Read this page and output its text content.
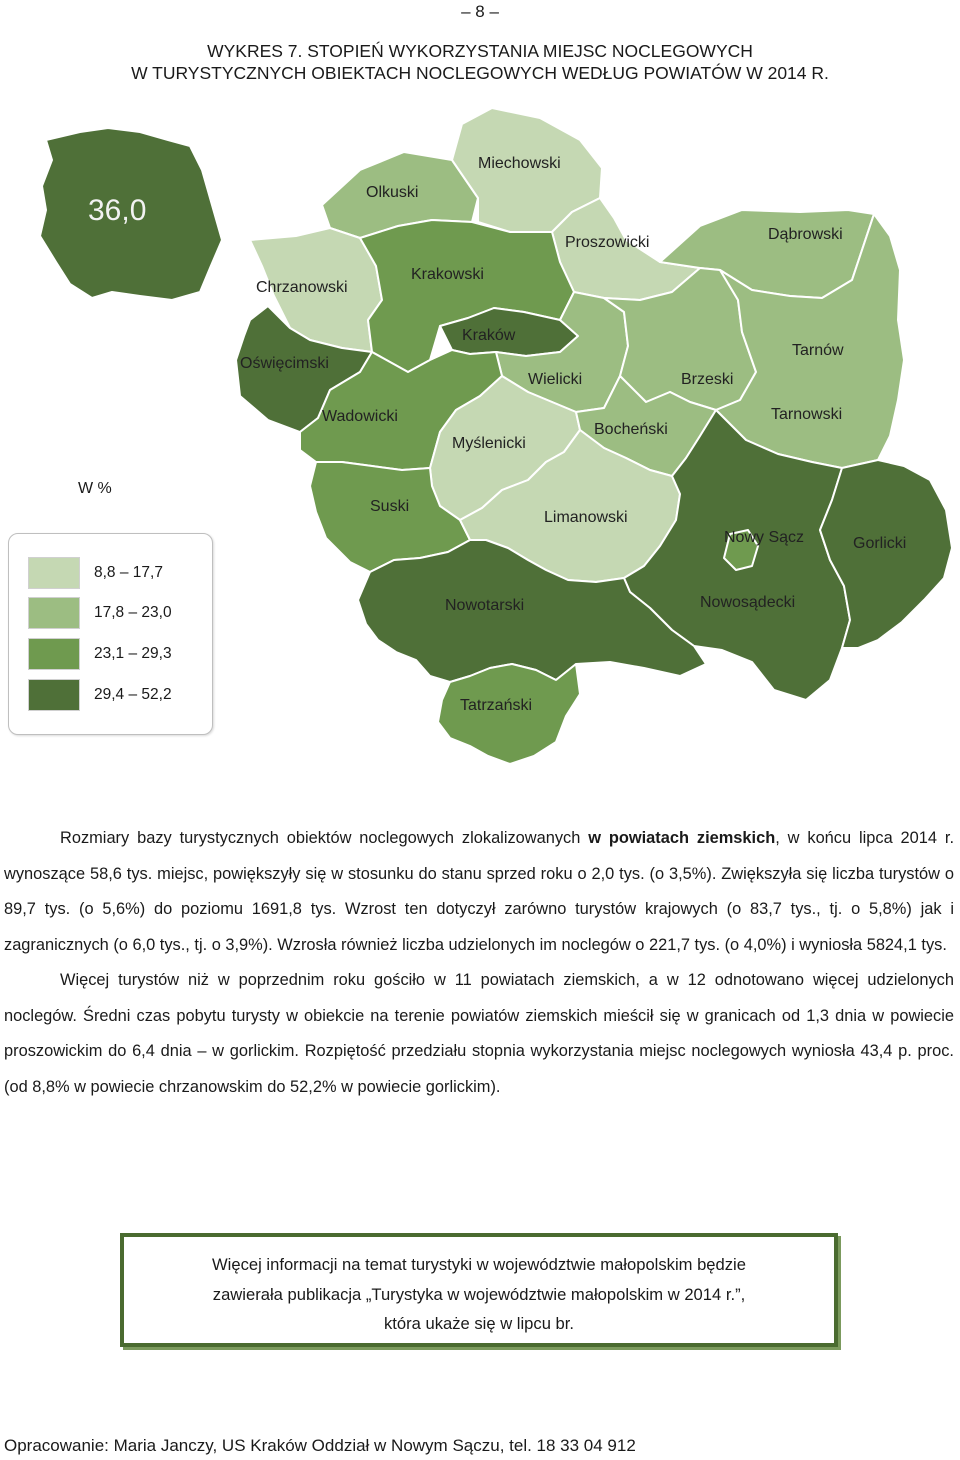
‒ 8 ‒
WYKRES 7. STOPIEŃ WYKORZYSTANIA MIEJSC NOCLEGOWYCH
W TURYSTYCZNYCH OBIEKTACH NOCLEGOWYCH WEDŁUG POWIATÓW W 2014 R.
36,0
Olkuski
Miechowski
Proszowicki	Dąbrowski
Chrzanowski
Krakowski
Oświęcimski
Kraków
Wielicki	Brzeski
Tarnów
Wadowicki
Myślenicki
Bocheński
Tarnowski
Suski
Limanowski
Nowy Sącz	Gorlicki
Nowotarski	Nowosądecki
Tatrzański
W %
8,8 ‒ 17,7
17,8 ‒ 23,0
23,1 ‒ 29,3
29,4 ‒ 52,2

Rozmiary bazy turystycznych obiektów noclegowych zlokalizowanych w powiatach ziemskich, w końcu lipca 2014 r. wynoszące 58,6 tys. miejsc, powiększyły się w stosunku do stanu sprzed roku o 2,0 tys. (o 3,5%). Zwiększyła się liczba turystów o 89,7 tys. (o 5,6%) do poziomu 1691,8 tys. Wzrost ten dotyczył zarówno turystów krajowych (o 83,7 tys., tj. o 5,8%) jak i zagranicznych (o 6,0 tys., tj. o 3,9%). Wzrosła również liczba udzielonych im noclegów o 221,7 tys. (o 4,0%) i wyniosła 5824,1 tys.

Więcej turystów niż w poprzednim roku gościło w 11 powiatach ziemskich, a w 12 odnotowano więcej udzielonych noclegów. Średni czas pobytu turysty w obiekcie na terenie powiatów ziemskich mieścił się w granicach od 1,3 dnia w powiecie proszowickim do 6,4 dnia ‒ w gorlickim. Rozpiętość przedziału stopnia wykorzystania miejsc noclegowych wyniosła 43,4 p. proc. (od 8,8% w powiecie chrzanowskim do 52,2% w powiecie gorlickim).

Więcej informacji na temat turystyki w województwie małopolskim będzie
zawierała publikacja „Turystyka w województwie małopolskim w 2014 r.”,
która ukaże się w lipcu br.
Opracowanie: Maria Janczy, US Kraków Oddział w Nowym Sączu, tel. 18 33 04 912
